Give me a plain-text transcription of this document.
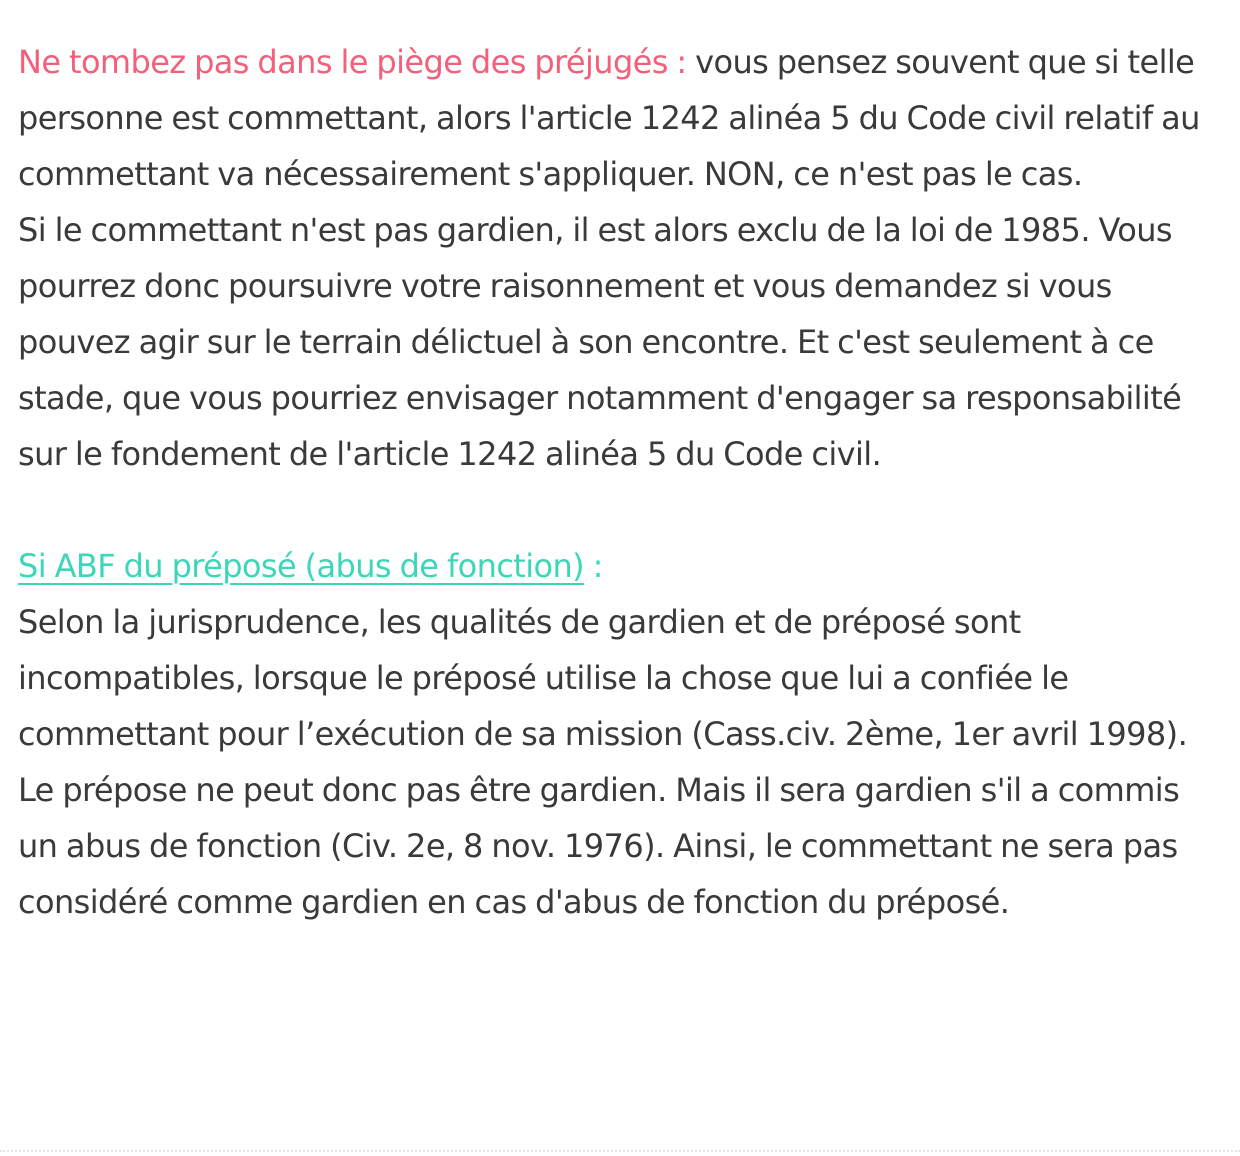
Ne tombez pas dans le piège des préjugés : vous pensez souvent que si telle personne est commettant, alors l'article 1242 alinéa 5 du Code civil relatif au commettant va nécessairement s'appliquer. NON, ce n'est pas le cas.

Si le commettant n'est pas gardien, il est alors exclu de la loi de 1985. Vous pourrez donc poursuivre votre raisonnement et vous demandez si vous pouvez agir sur le terrain délictuel à son encontre. Et c'est seulement à ce stade, que vous pourriez envisager notamment d'engager sa responsabilité sur le fondement de l'article 1242 alinéa 5 du Code civil.

Si ABF du préposé (abus de fonction) :

Selon la jurisprudence, les qualités de gardien et de préposé sont incompatibles, lorsque le préposé utilise la chose que lui a confiée le commettant pour l’exécution de sa mission (Cass.civ. 2ème, 1er avril 1998). Le prépose ne peut donc pas être gardien. Mais il sera gardien s'il a commis un abus de fonction (Civ. 2e, 8 nov. 1976). Ainsi, le commettant ne sera pas considéré comme gardien en cas d'abus de fonction du préposé.
